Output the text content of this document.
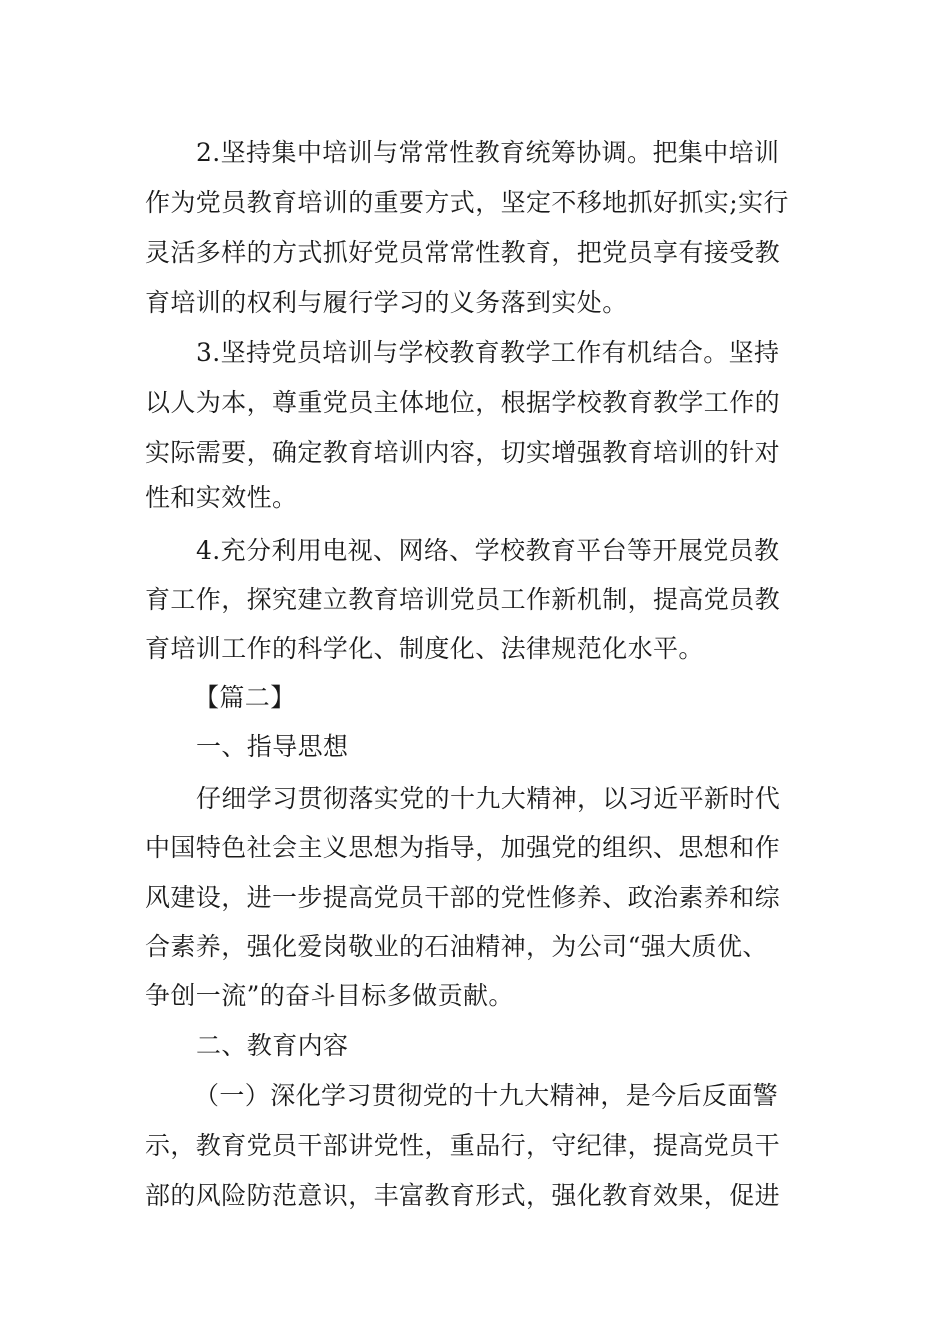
2.坚持集中培训与常常性教育统筹协调。把集中培训

作为党员教育培训的重要方式，坚定不移地抓好抓实;实行

灵活多样的方式抓好党员常常性教育，把党员享有接受教

育培训的权利与履行学习的义务落到实处。

3.坚持党员培训与学校教育教学工作有机结合。坚持

以人为本，尊重党员主体地位，根据学校教育教学工作的

实际需要，确定教育培训内容，切实增强教育培训的针对

性和实效性。

4.充分利用电视、网络、学校教育平台等开展党员教

育工作，探究建立教育培训党员工作新机制，提高党员教

育培训工作的科学化、制度化、法律规范化水平。

【篇二】

一、指导思想

仔细学习贯彻落实党的十九大精神，以习近平新时代

中国特色社会主义思想为指导，加强党的组织、思想和作

风建设，进一步提高党员干部的党性修养、政治素养和综

合素养，强化爱岗敬业的石油精神，为公司“强大质优、

争创一流”的奋斗目标多做贡献。

二、教育内容

（一）深化学习贯彻党的十九大精神，是今后反面警

示，教育党员干部讲党性，重品行，守纪律，提高党员干

部的风险防范意识，丰富教育形式，强化教育效果，促进
